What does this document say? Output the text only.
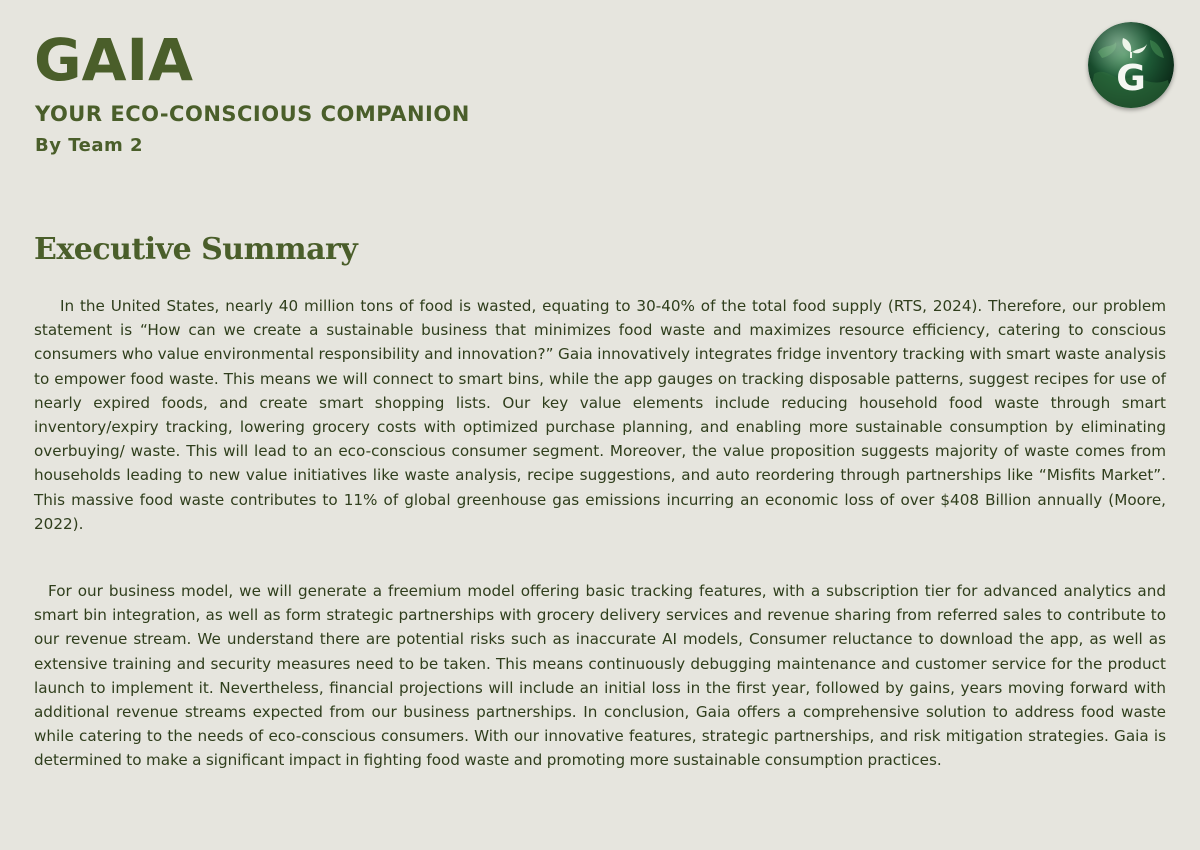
GAIA
YOUR ECO-CONSCIOUS COMPANION
By Team 2
G
Executive Summary

In the United States, nearly 40 million tons of food is wasted, equating to 30-40% of the total food supply (RTS, 2024). Therefore, our problem statement is “How can we create a sustainable business that minimizes food waste and maximizes resource efficiency, catering to conscious consumers who value environmental responsibility and innovation?” Gaia innovatively integrates fridge inventory tracking with smart waste analysis to empower food waste. This means we will connect to smart bins, while the app gauges on tracking disposable patterns, suggest recipes for use of nearly expired foods, and create smart shopping lists. Our key value elements include reducing household food waste through smart inventory/expiry tracking, lowering grocery costs with optimized purchase planning, and enabling more sustainable consumption by eliminating overbuying/ waste. This will lead to an eco-conscious consumer segment. Moreover, the value proposition suggests majority of waste comes from households leading to new value initiatives like waste analysis, recipe suggestions, and auto reordering through partnerships like “Misfits Market”. This massive food waste contributes to 11% of global greenhouse gas emissions incurring an economic loss of over $408 Billion annually (Moore, 2022).

For our business model, we will generate a freemium model offering basic tracking features, with a subscription tier for advanced analytics and smart bin integration, as well as form strategic partnerships with grocery delivery services and revenue sharing from referred sales to contribute to our revenue stream. We understand there are potential risks such as inaccurate AI models, Consumer reluctance to download the app, as well as extensive training and security measures need to be taken. This means continuously debugging maintenance and customer service for the product launch to implement it. Nevertheless, financial projections will include an initial loss in the first year, followed by gains, years moving forward with additional revenue streams expected from our business partnerships. In conclusion, Gaia offers a comprehensive solution to address food waste while catering to the needs of eco-conscious consumers. With our innovative features, strategic partnerships, and risk mitigation strategies. Gaia is determined to make a significant impact in fighting food waste and promoting more sustainable consumption practices.
